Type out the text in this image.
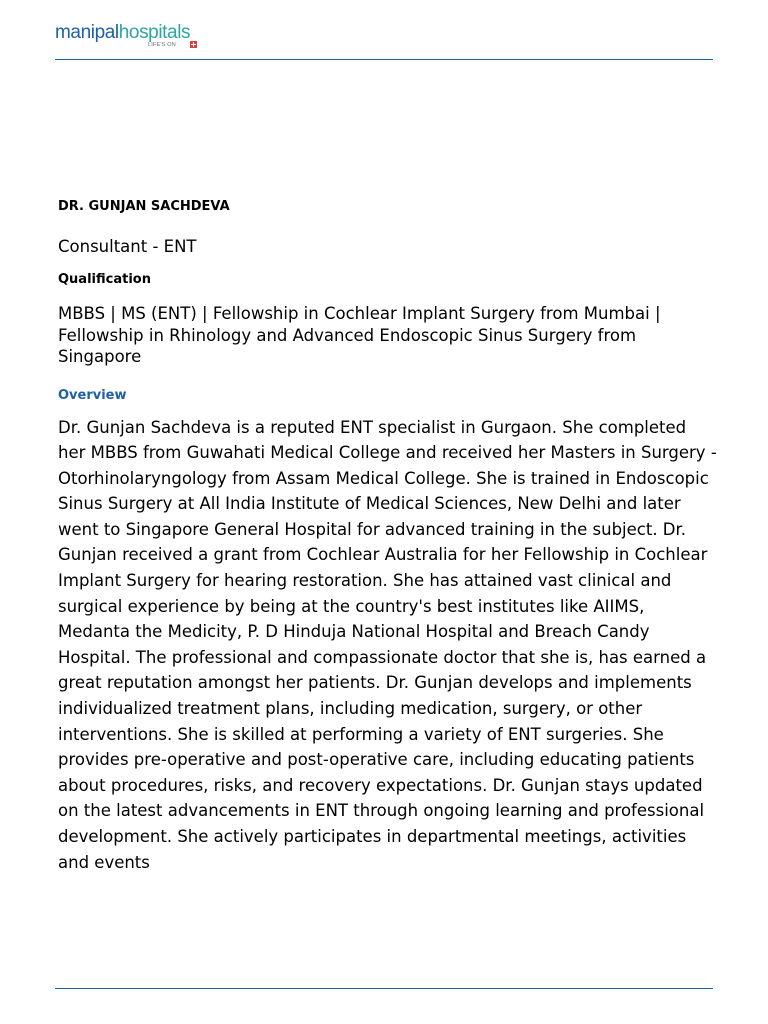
manipalhospitals
LIFE'S ON

DR. GUNJAN SACHDEVA

Consultant - ENT

Qualification

MBBS | MS (ENT) | Fellowship in Cochlear Implant Surgery from Mumbai | Fellowship in Rhinology and Advanced Endoscopic Sinus Surgery from Singapore

Overview

Dr. Gunjan Sachdeva is a reputed ENT specialist in Gurgaon. She completed her MBBS from Guwahati Medical College and received her Masters in Surgery - Otorhinolaryngology from Assam Medical College. She is trained in Endoscopic Sinus Surgery at All India Institute of Medical Sciences, New Delhi and later went to Singapore General Hospital for advanced training in the subject. Dr. Gunjan received a grant from Cochlear Australia for her Fellowship in Cochlear Implant Surgery for hearing restoration. She has attained vast clinical and surgical experience by being at the country's best institutes like AIIMS, Medanta the Medicity, P. D Hinduja National Hospital and Breach Candy Hospital. The professional and compassionate doctor that she is, has earned a great reputation amongst her patients. Dr. Gunjan develops and implements individualized treatment plans, including medication, surgery, or other interventions. She is skilled at performing a variety of ENT surgeries. She provides pre-operative and post-operative care, including educating patients about procedures, risks, and recovery expectations. Dr. Gunjan stays updated on the latest advancements in ENT through ongoing learning and professional development. She actively participates in departmental meetings, activities and events
